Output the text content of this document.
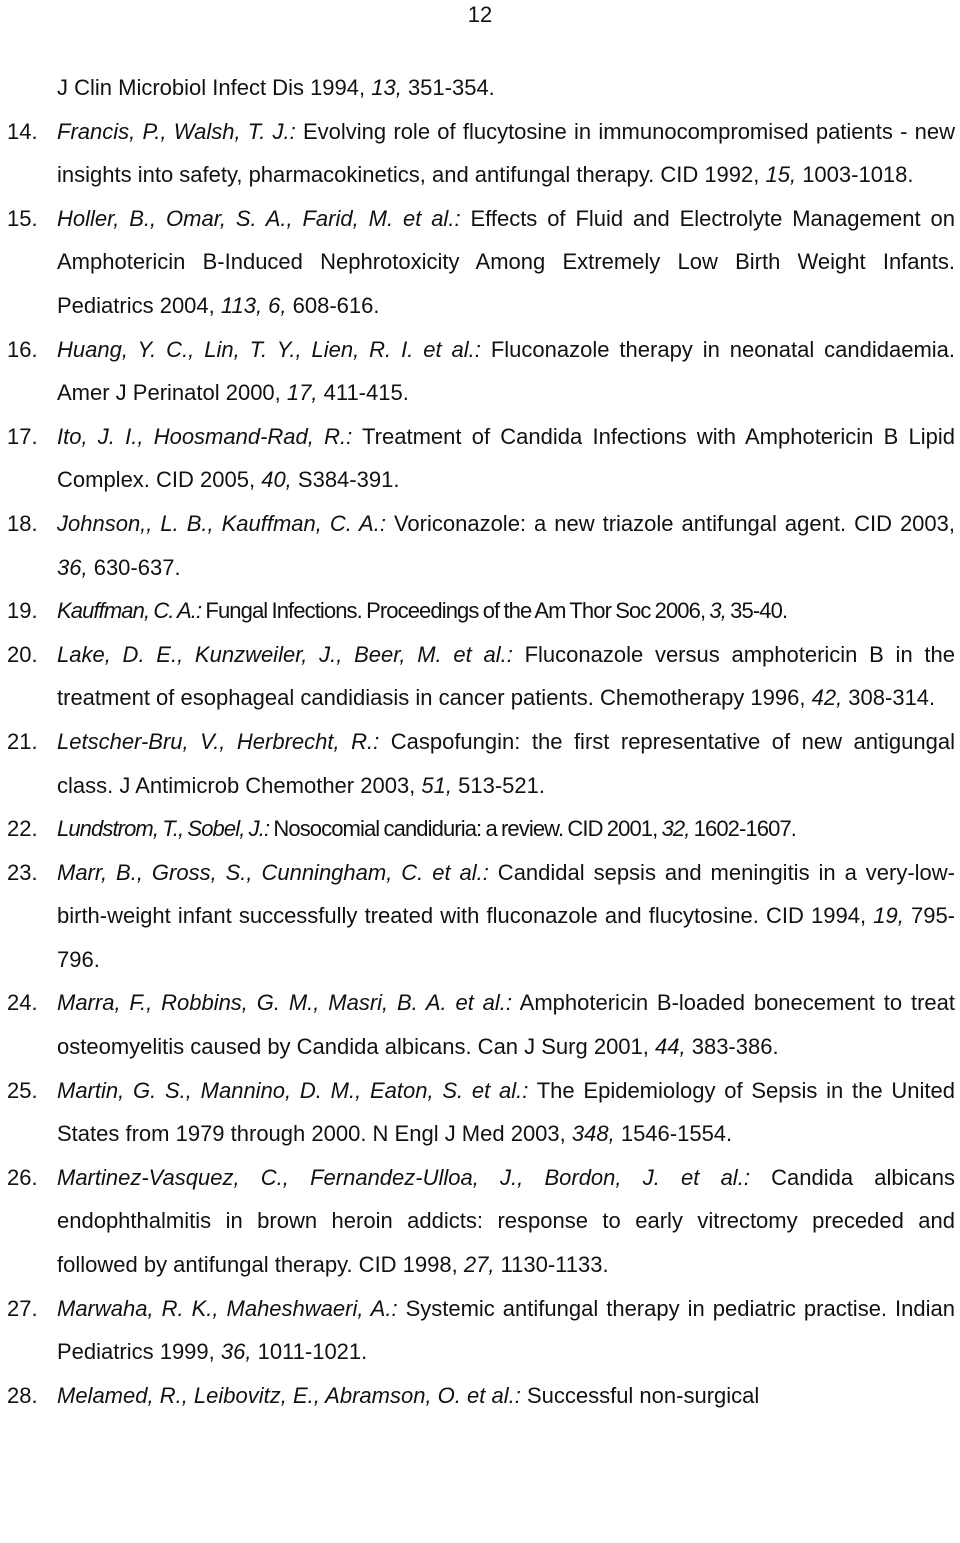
12
J Clin Microbiol Infect Dis 1994, 13, 351-354.
14. Francis, P., Walsh, T. J.: Evolving role of flucytosine in immunocompromised patients - new insights into safety, pharmacokinetics, and antifungal therapy. CID 1992, 15, 1003-1018.
15. Holler, B., Omar, S. A., Farid, M. et al.: Effects of Fluid and Electrolyte Management on Amphotericin B-Induced Nephrotoxicity Among Extremely Low Birth Weight Infants. Pediatrics 2004, 113, 6, 608-616.
16. Huang, Y. C., Lin, T. Y., Lien, R. I. et al.: Fluconazole therapy in neonatal candidaemia. Amer J Perinatol 2000, 17, 411-415.
17. Ito, J. I., Hoosmand-Rad, R.: Treatment of Candida Infections with Amphotericin B Lipid Complex. CID 2005, 40, S384-391.
18. Johnson,, L. B., Kauffman, C. A.: Voriconazole: a new triazole antifungal agent. CID 2003, 36, 630-637.
19. Kauffman, C. A.: Fungal Infections. Proceedings of the Am Thor Soc 2006, 3, 35-40.
20. Lake, D. E., Kunzweiler, J., Beer, M. et al.: Fluconazole versus amphotericin B in the treatment of esophageal candidiasis in cancer patients. Chemotherapy 1996, 42, 308-314.
21. Letscher-Bru, V., Herbrecht, R.: Caspofungin: the first representative of new antigungal class. J Antimicrob Chemother 2003, 51, 513-521.
22. Lundstrom, T., Sobel, J.: Nosocomial candiduria: a review. CID 2001, 32, 1602-1607.
23. Marr, B., Gross, S., Cunningham, C. et al.: Candidal sepsis and meningitis in a very-low-birth-weight infant successfully treated with fluconazole and flucytosine. CID 1994, 19, 795-796.
24. Marra, F., Robbins, G. M., Masri, B. A. et al.: Amphotericin B-loaded bonecement to treat osteomyelitis caused by Candida albicans. Can J Surg 2001, 44, 383-386.
25. Martin, G. S., Mannino, D. M., Eaton, S. et al.: The Epidemiology of Sepsis in the United States from 1979 through 2000. N Engl J Med 2003, 348, 1546-1554.
26. Martinez-Vasquez, C., Fernandez-Ulloa, J., Bordon, J. et al.: Candida albicans endophthalmitis in brown heroin addicts: response to early vitrectomy preceded and followed by antifungal therapy. CID 1998, 27, 1130-1133.
27. Marwaha, R. K., Maheshwaeri, A.: Systemic antifungal therapy in pediatric practise. Indian Pediatrics 1999, 36, 1011-1021.
28. Melamed, R., Leibovitz, E., Abramson, O. et al.: Successful non-surgical
